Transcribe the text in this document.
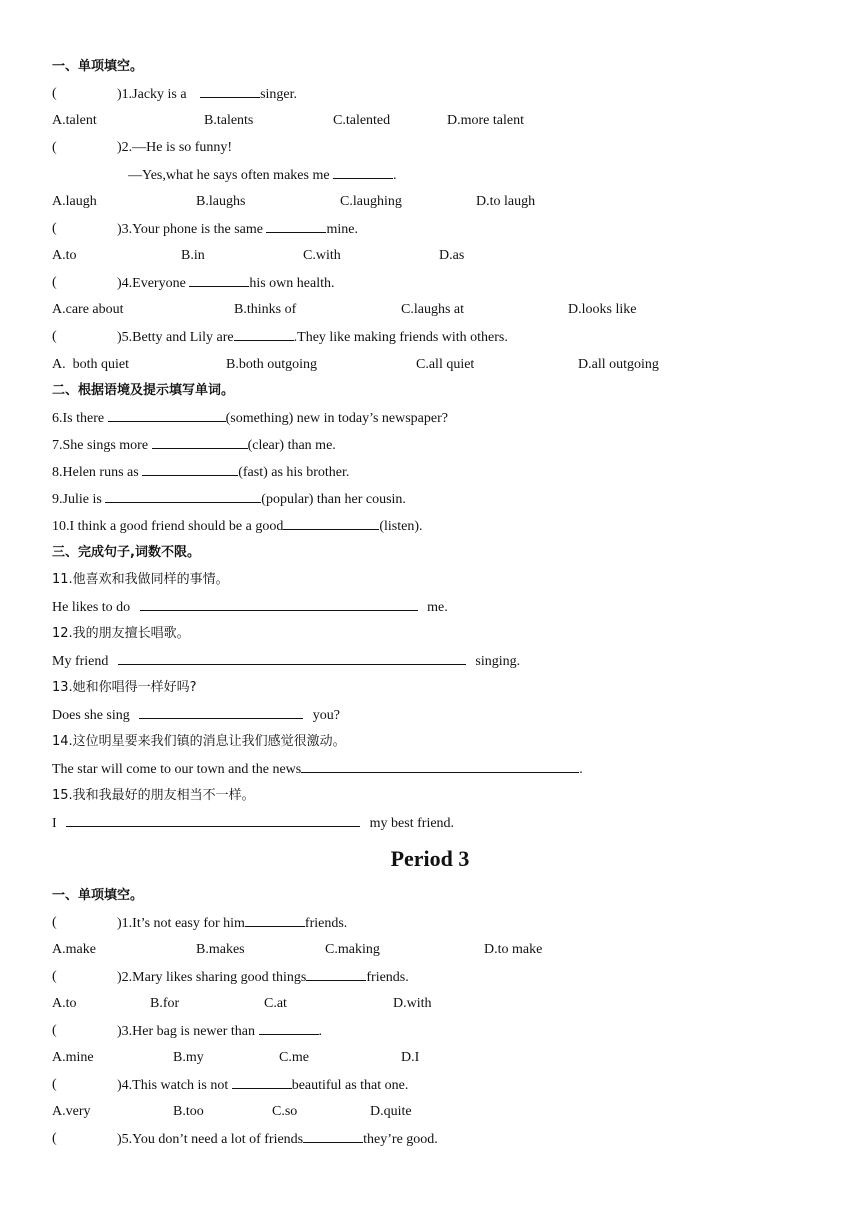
一、单项填空。
(	)1.Jacky is a	singer.
A.talent	B.talents	C.talented	D.more talent
(	)2.—He is so funny!
—Yes,what he says often makes me	.
A.laugh	B.laughs	C.laughing	D.to laugh
(	)3.Your phone is the same	mine.
A.to	B.in	C.with	D.as
(	)4.Everyone	his own health.
A.care about	B.thinks of	C.laughs at	D.looks like
(	)5.Betty and Lily are	.They like making friends with others.
A.  both quiet	B.both outgoing	C.all quiet	D.all outgoing
二、根据语境及提示填写单词。
6.Is there	(something) new in today’s newspaper?
7.She sings more	(clear) than me.
8.Helen runs as	(fast) as his brother.
9.Julie is	(popular) than her cousin.
10.I think a good friend should be a good	(listen).
三、完成句子,词数不限。
11.他喜欢和我做同样的事情。
He likes to do	me.
12.我的朋友擅长唱歌。
My friend	singing.
13.她和你唱得一样好吗?
Does she sing	you?
14.这位明星要来我们镇的消息让我们感觉很激动。
The star will come to our town and the news	.
15.我和我最好的朋友相当不一样。
I	my best friend.
Period 3
一、单项填空。
(	)1.It’s not easy for him	friends.
A.make	B.makes	C.making	D.to make
(	)2.Mary likes sharing good things	friends.
A.to	B.for	C.at	D.with
(	)3.Her bag is newer than	.
A.mine	B.my	C.me	D.I
(	)4.This watch is not	beautiful as that one.
A.very	B.too	C.so	D.quite
(	)5.You don’t need a lot of friends	they’re good.
